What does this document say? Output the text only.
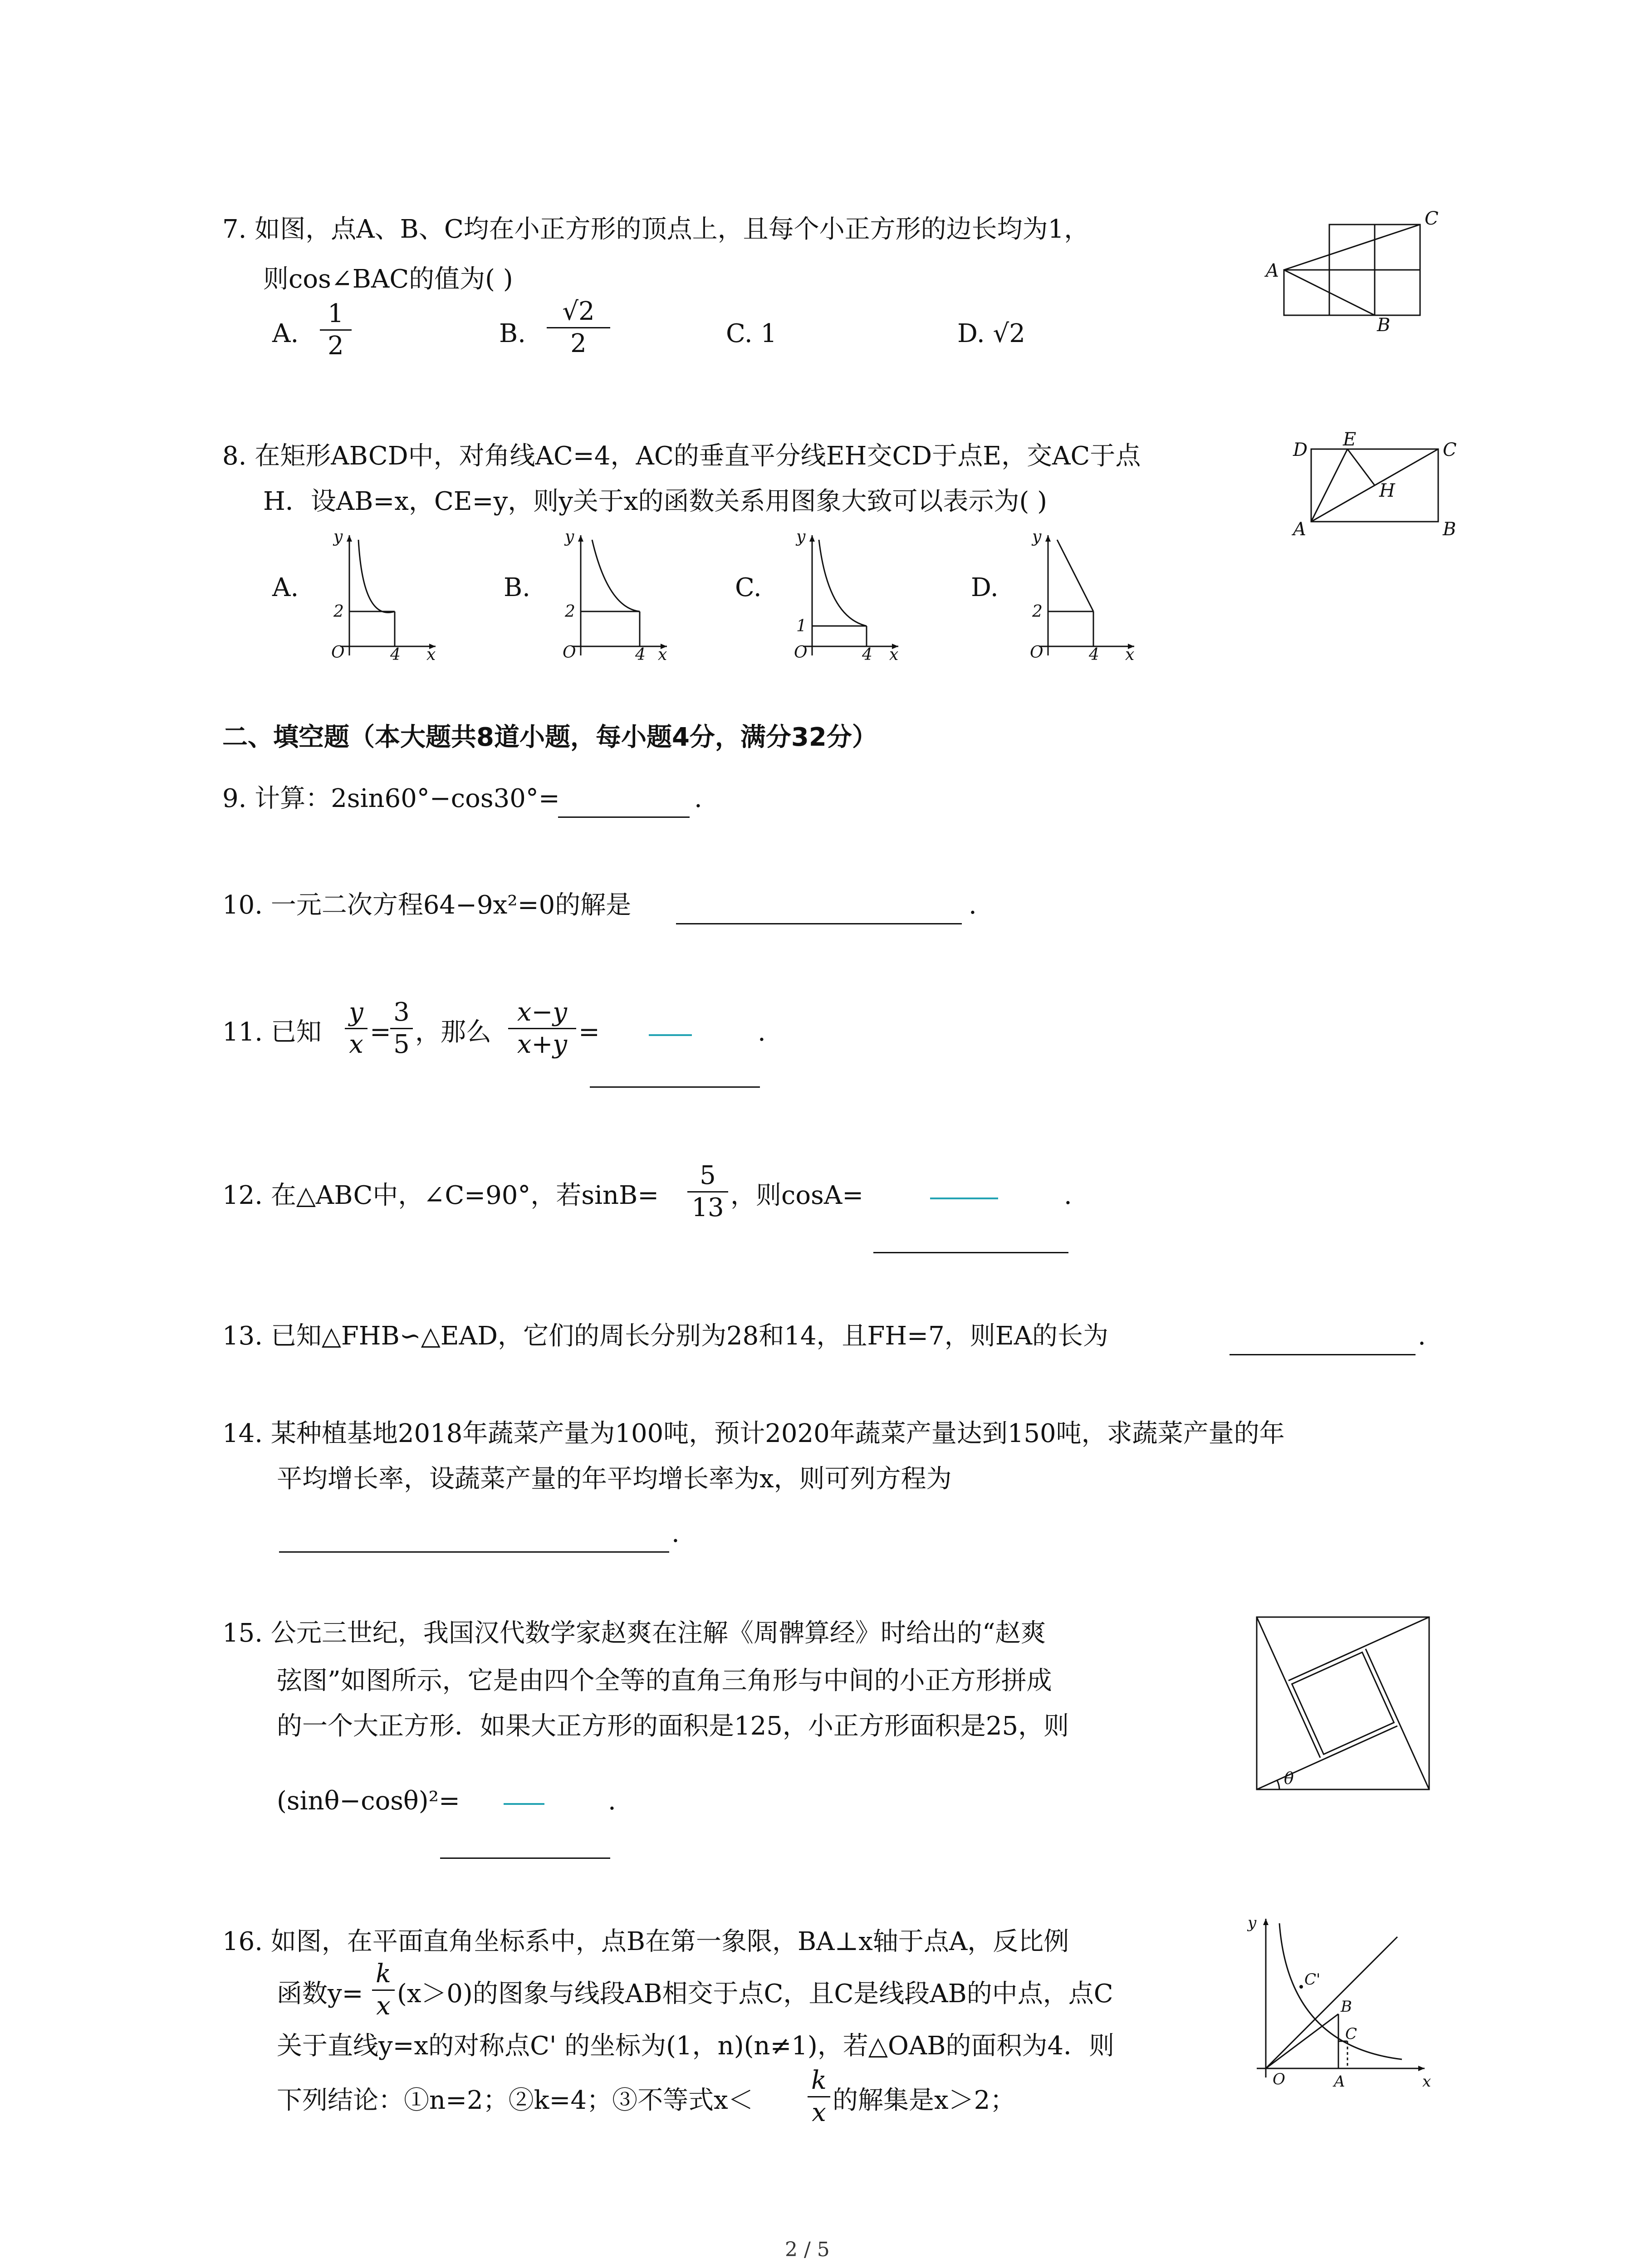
7. 如图，点A、B、C均在小正方形的顶点上，且每个小正方形的边长均为1，
则cos∠BAC的值为( )
A.
1
2	B.
√2
2	C. 1	D. √2
A
C
B
8. 在矩形ABCD中，对角线AC=4，AC的垂直平分线EH交CD于点E，交AC于点
H．设AB=x，CE=y，则y关于x的函数关系用图象大致可以表示为( )
D E	C
H
A	B
A.
O
2
4 x
y
B.
O
2
4 x
y
C.
O
1
4 x
y
D.
O
2
4 x
y
二、填空题（本大题共8道小题，每小题4分，满分32分）
9. 计算：2sin60°−cos30°=	.
10. 一元二次方程64−9x²=0的解是	.
11. 已知
y
x =
3
5 ，那么
x−y
x+y =	.
12. 在△ABC中，∠C=90°，若sinB=
5
13 ，则cosA=	.
13. 已知△FHB∽△EAD，它们的周长分别为28和14，且FH=7，则EA的长为	.
14. 某种植基地2018年蔬菜产量为100吨，预计2020年蔬菜产量达到150吨，求蔬菜产量的年
平均增长率，设蔬菜产量的年平均增长率为x，则可列方程为
.
15. 公元三世纪，我国汉代数学家赵爽在注解《周髀算经》时给出的“赵爽
弦图”如图所示，它是由四个全等的直角三角形与中间的小正方形拼成
的一个大正方形．如果大正方形的面积是125，小正方形面积是25，则
(sinθ−cosθ)²=	.
θ
16. 如图，在平面直角坐标系中，点B在第一象限，BA⊥x轴于点A，反比例
函数y=
k
x (x＞0)的图象与线段AB相交于点C，且C是线段AB的中点，点C
关于直线y=x的对称点C' 的坐标为(1，n)(n≠1)，若△OAB的面积为4．则
下列结论：①n=2；②k=4；③不等式x＜
k
x 的解集是x＞2；
y
x
O	A
B
C
C'
2 / 5
